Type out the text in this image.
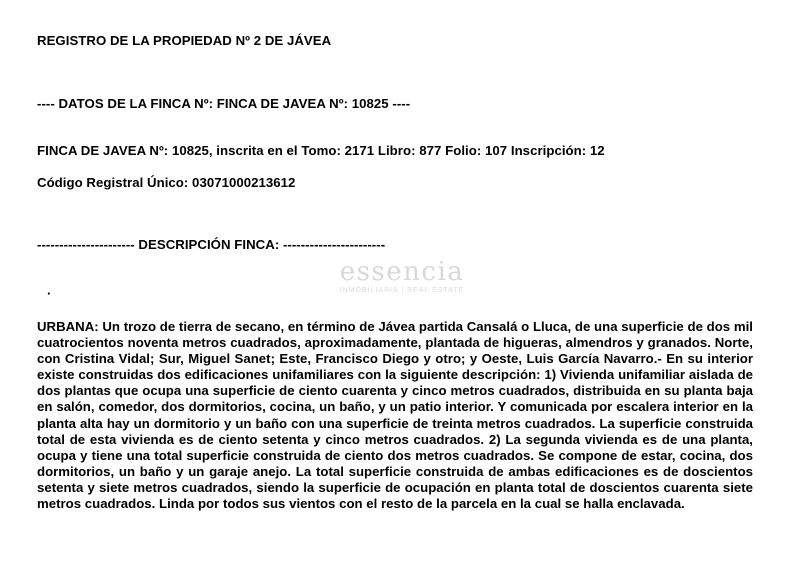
REGISTRO DE LA PROPIEDAD Nº 2 DE JÁVEA
---- DATOS DE LA FINCA Nº: FINCA DE JAVEA Nº: 10825 ----
FINCA DE JAVEA Nº: 10825, inscrita en el Tomo: 2171 Libro: 877 Folio: 107 Inscripción: 12
Código Registral Único: 03071000213612
---------------------- DESCRIPCIÓN FINCA: -----------------------
essencia
INMOBILIARIA | REAL ESTATE
·
URBANA: Un trozo de tierra de secano, en término de Jávea partida Cansalá o Lluca, de una superficie de dos mil cuatrocientos noventa metros cuadrados, aproximadamente, plantada de higueras, almendros y granados. Norte, con Cristina Vidal; Sur, Miguel Sanet; Este, Francisco Diego y otro; y Oeste, Luis García Navarro.- En su interior existe construidas dos edificaciones unifamiliares con la siguiente descripción: 1) Vivienda unifamiliar aislada de dos plantas que ocupa una superficie de ciento cuarenta y cinco metros cuadrados, distribuida en su planta baja en salón, comedor, dos dormitorios, cocina, un baño, y un patio interior. Y comunicada por escalera interior en la planta alta hay un dormitorio y un baño con una superficie de treinta metros cuadrados. La superficie construida total de esta vivienda es de ciento setenta y cinco metros cuadrados. 2) La segunda vivienda es de una planta, ocupa y tiene una total superficie construida de ciento dos metros cuadrados. Se compone de estar, cocina, dos dormitorios, un baño y un garaje anejo. La total superficie construida de ambas edificaciones es de doscientos setenta y siete metros cuadrados, siendo la superficie de ocupación en planta total de doscientos cuarenta siete metros cuadrados. Linda por todos sus vientos con el resto de la parcela en la cual se halla enclavada.
